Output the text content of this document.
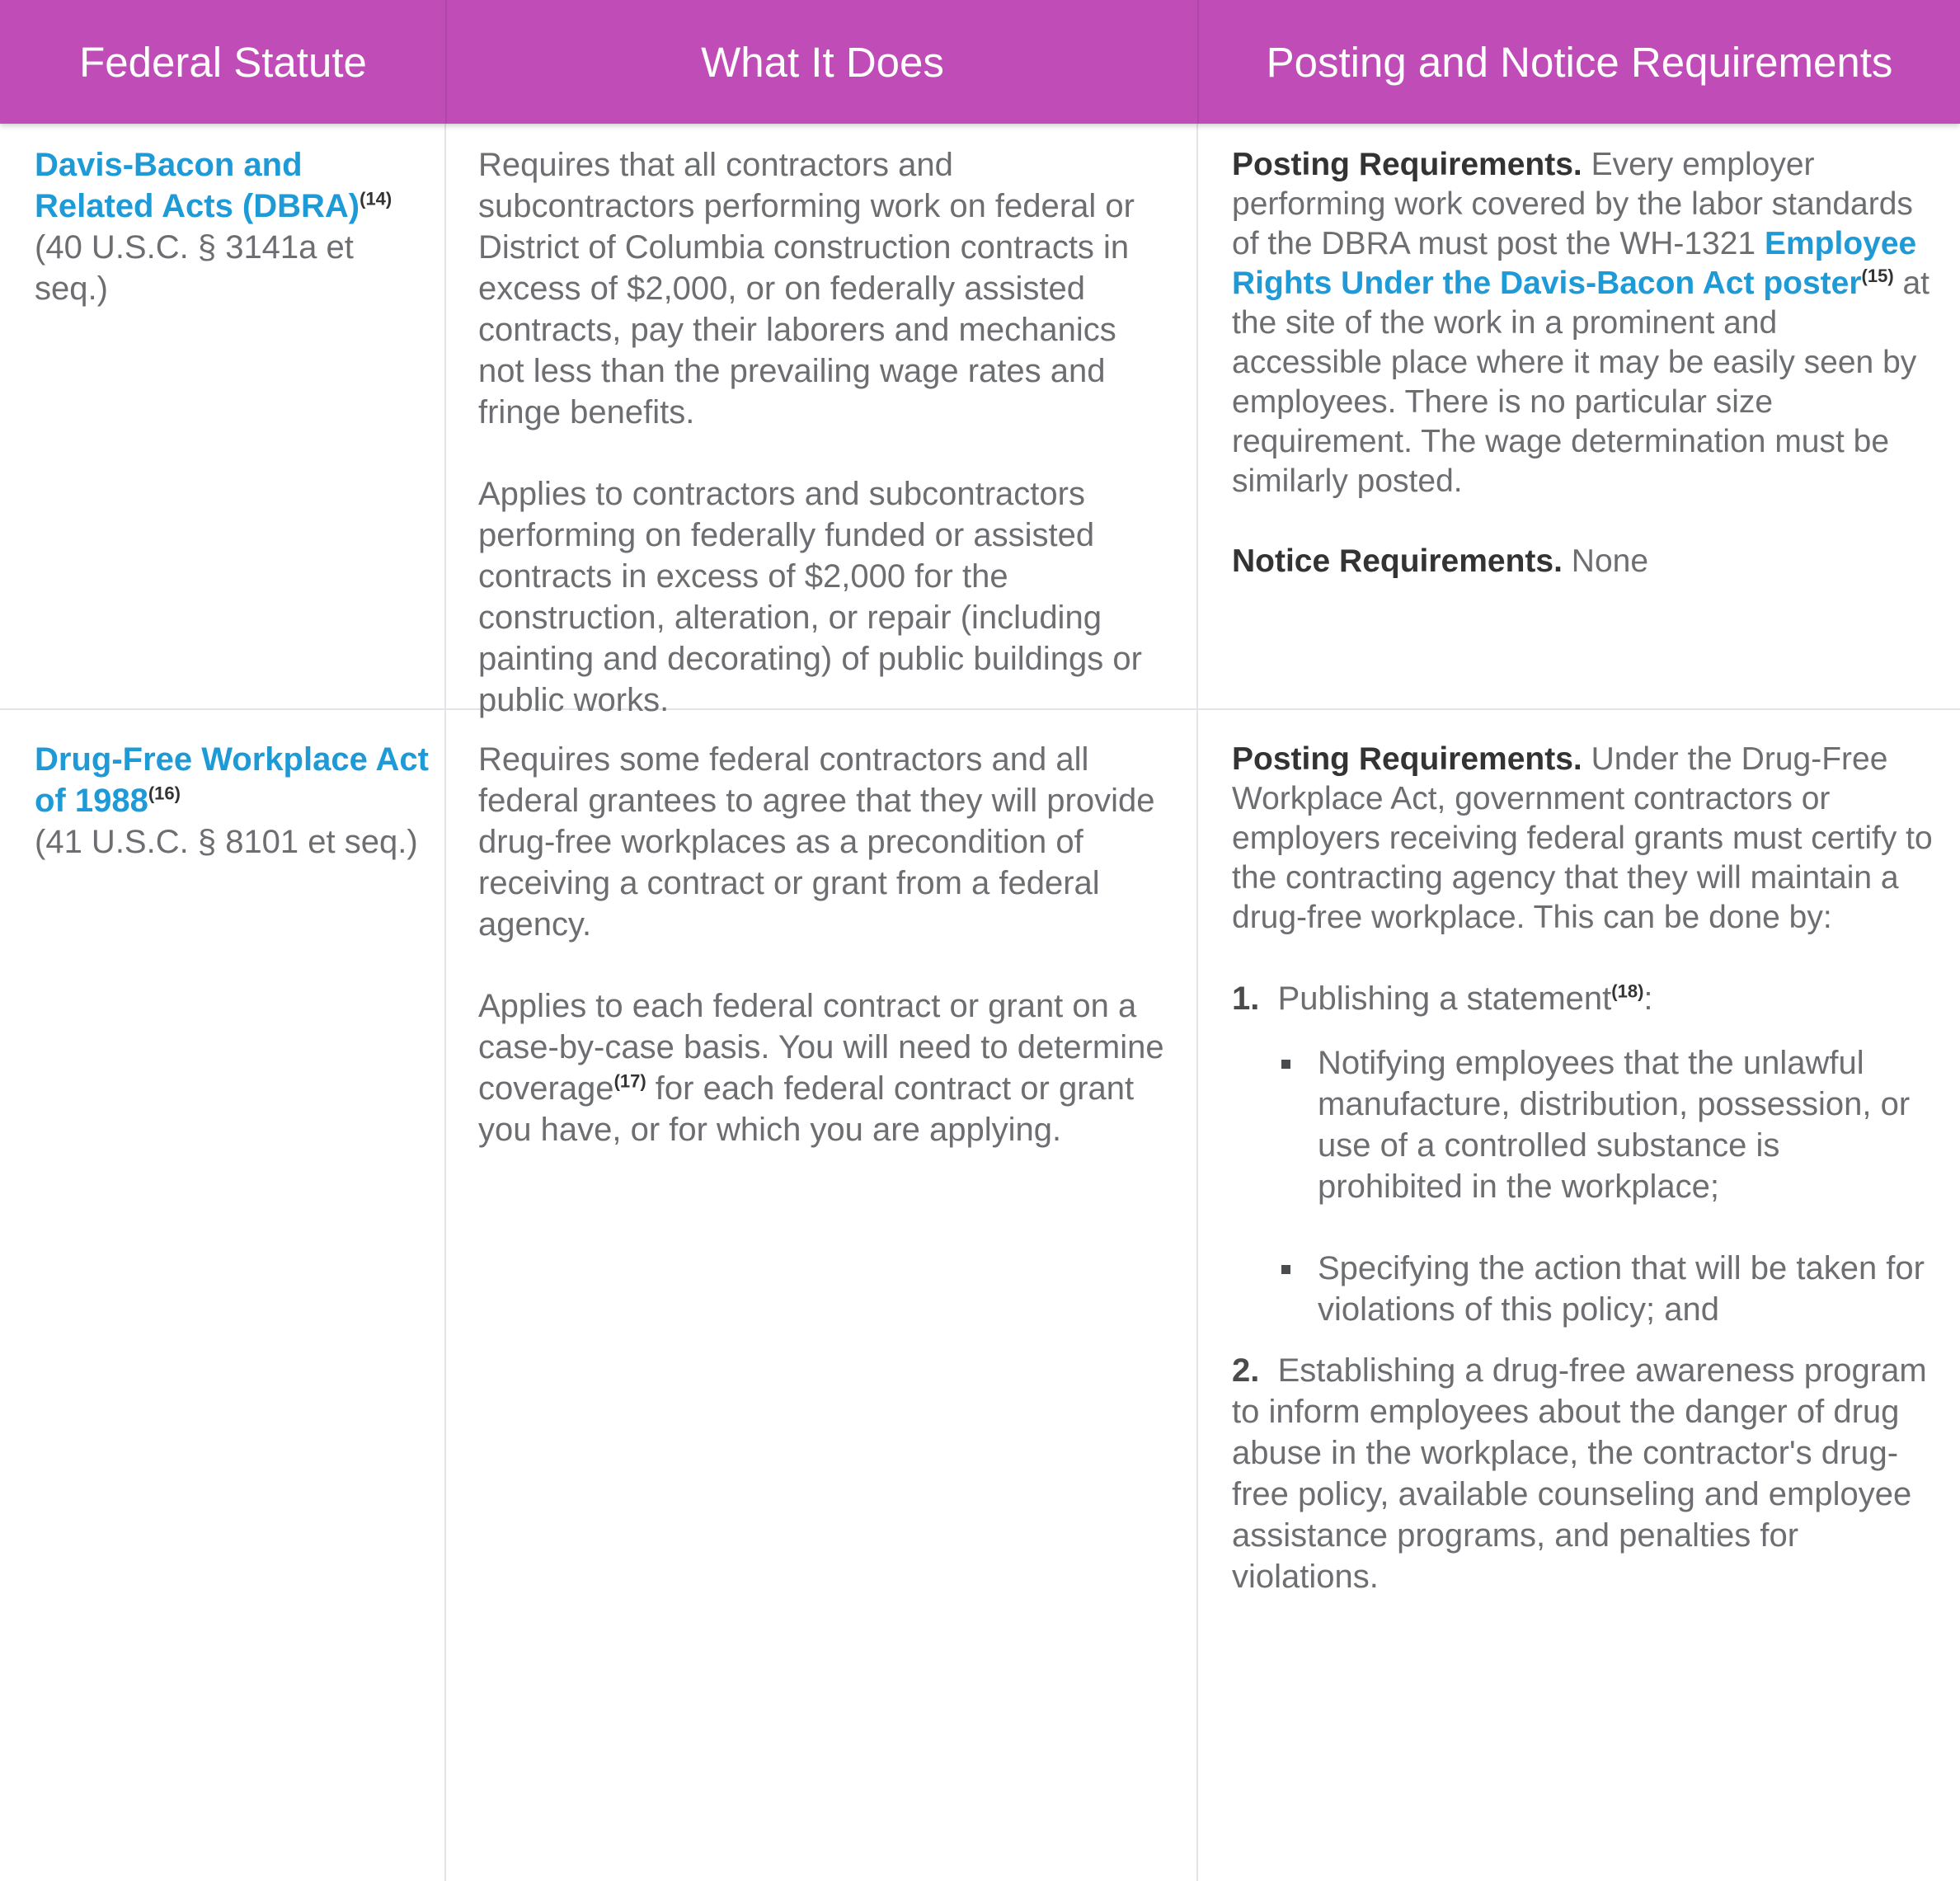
Federal Statute	What It Does	Posting and Notice Requirements
Davis-Bacon and Related Acts (DBRA)$^{(14)}$
(40 U.S.C. § 3141a et seq.)

Requires that all contractors and subcontractors performing work on federal or District of Columbia construction contracts in excess of $2,000, or on federally assisted contracts, pay their laborers and mechanics not less than the prevailing wage rates and fringe benefits.

Applies to contractors and subcontractors performing on federally funded or assisted contracts in excess of $2,000 for the construction, alteration, or repair (including painting and decorating) of public buildings or public works.

Posting Requirements. Every employer performing work covered by the labor standards of the DBRA must post the WH-1321 Employee Rights Under the Davis-Bacon Act poster$^{(15)}$ at the site of the work in a prominent and accessible place where it may be easily seen by employees. There is no particular size requirement. The wage determination must be similarly posted.

Notice Requirements. None

Drug-Free Workplace Act of 1988$^{(16)}$
(41 U.S.C. § 8101 et seq.)

Requires some federal contractors and all federal grantees to agree that they will provide drug-free workplaces as a precondition of receiving a contract or grant from a federal agency.

Applies to each federal contract or grant on a case-by-case basis. You will need to determine coverage$^{(17)}$ for each federal contract or grant you have, or for which you are applying.

Posting Requirements. Under the Drug-Free Workplace Act, government contractors or employers receiving federal grants must certify to the contracting agency that they will maintain a drug-free workplace. This can be done by:

1. Publishing a statement$^{(18)}$:

Notifying employees that the unlawful manufacture, distribution, possession, or use of a controlled substance is prohibited in the workplace;
Specifying the action that will be taken for violations of this policy; and

2. Establishing a drug-free awareness program to inform employees about the danger of drug abuse in the workplace, the contractor's drug-free policy, available counseling and employee assistance programs, and penalties for violations.
